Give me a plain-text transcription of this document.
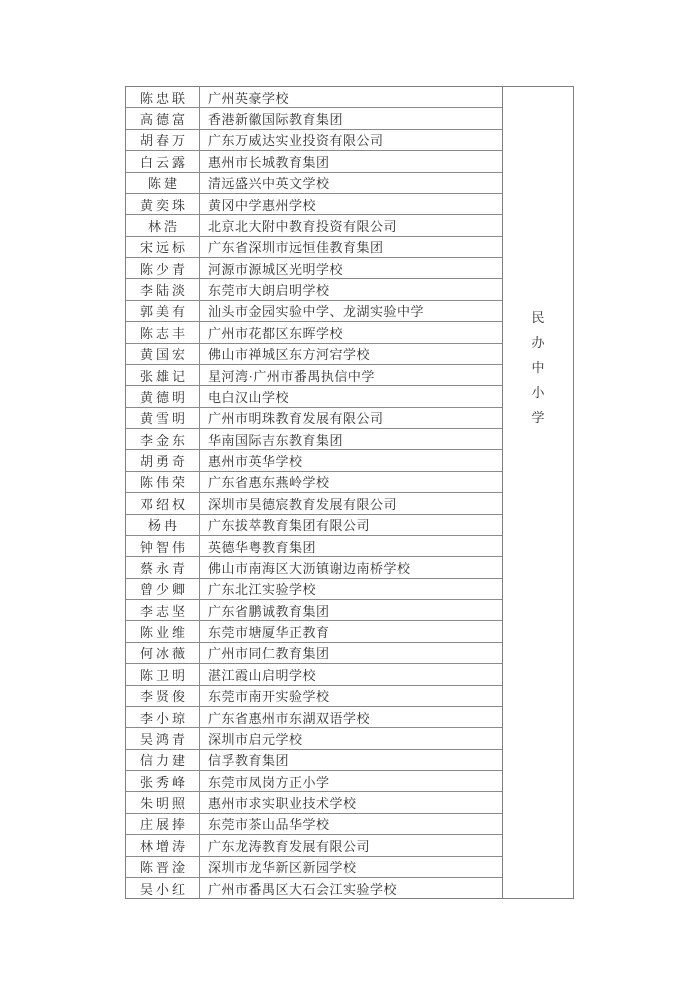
陈忠联	广州英豪学校
高德富	香港新徽国际教育集团
胡春万	广东万威达实业投资有限公司
白云露	惠州市长城教育集团
陈建	清远盛兴中英文学校
黄奕珠	黄冈中学惠州学校
林浩	北京北大附中教育投资有限公司
宋远标	广东省深圳市远恒佳教育集团
陈少青	河源市源城区光明学校
李陆淡	东莞市大朗启明学校
郭美有	汕头市金园实验中学、龙湖实验中学
陈志丰	广州市花都区东晖学校
黄国宏	佛山市禅城区东方河宕学校
张雄记	星河湾·广州市番禺执信中学
黄德明	电白汉山学校
黄雪明	广州市明珠教育发展有限公司
李金东	华南国际吉东教育集团
胡勇奇	惠州市英华学校
陈伟荣	广东省惠东燕岭学校
邓绍权	深圳市昊德宸教育发展有限公司
杨冉	广东拔萃教育集团有限公司
钟智伟	英德华粤教育集团
蔡永青	佛山市南海区大沥镇谢边南桥学校
曾少卿	广东北江实验学校
李志坚	广东省鹏诚教育集团
陈业维	东莞市塘厦华正教育
何冰薇	广州市同仁教育集团
陈卫明	湛江霞山启明学校
李贤俊	东莞市南开实验学校
李小琼	广东省惠州市东湖双语学校
吴鸿青	深圳市启元学校
信力建	信孚教育集团
张秀峰	东莞市凤岗方正小学
朱明照	惠州市求实职业技术学校
庄展捧	东莞市茶山品华学校
林增涛	广东龙涛教育发展有限公司
陈晋淦	深圳市龙华新区新园学校
吴小红	广州市番禺区大石会江实验学校
民办中小学
